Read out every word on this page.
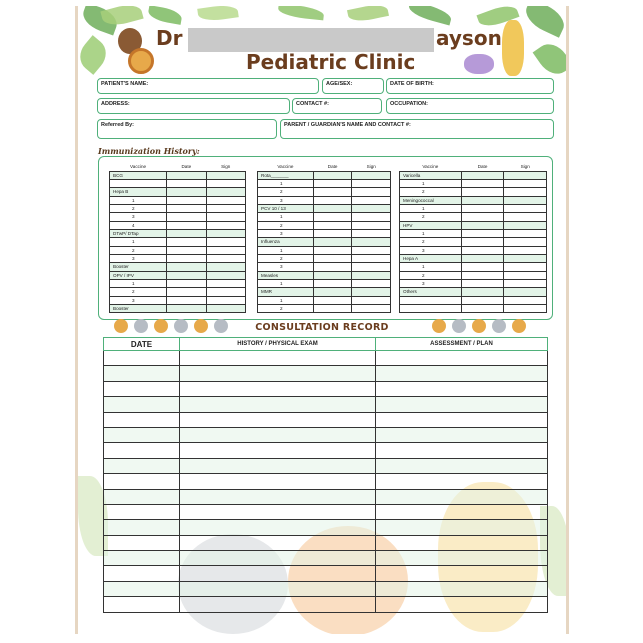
Dr	ayson
Pediatric Clinic
PATIENT'S NAME:	AGE/SEX:	DATE OF BIRTH:
ADDRESS:	CONTACT #:	OCCUPATION:
Referred By:	PARENT / GUARDIAN'S NAME AND CONTACT #:
Immunization History:
Vaccine	Date	Sign
BCG		

Hepa B		
1		
2		
3		
4		
DTwP/ DTap		
1		
2		
3		
Booster		
OPV / IPV		
1		
2		
3		
Booster		
Vaccine	Date	Sign
Rota_______		
1		
2		
3		
PCV 10 / 13		
1		
2		
3		
Influenza		
1		
2		
3		
Measles		
1		
MMR		
1		
2		
Vaccine	Date	Sign
Varicella		
1		
2		
Meningococcal		
1		
2		
HPV		
1		
2		
3		
Hepa A		
1		
2		
3		
Others		

CONSULTATION RECORD
DATE	HISTORY / PHYSICAL EXAM	ASSESSMENT / PLAN
